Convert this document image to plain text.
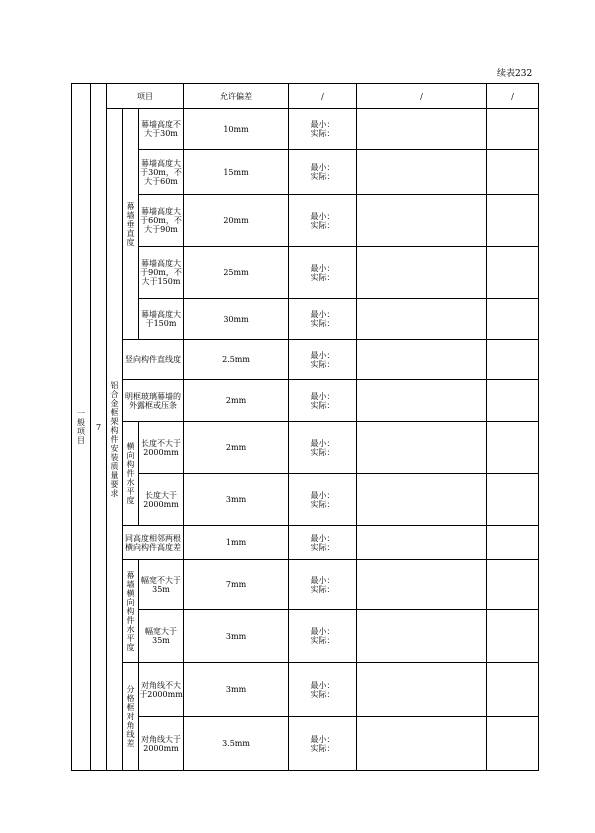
续表232
一般项目	7	项目			允许偏差	/	/	/
		铝合金框架构件安装质量要求	幕墙垂直度	幕墙高度不大于30m	10mm	最小：
实际：		
				幕墙高度大于30m，不大于60m	15mm	最小：
实际：		
				幕墙高度大于60m，不大于90m	20mm	最小：
实际：		
				幕墙高度大于90m，不大于150m	25mm	最小：
实际：		
				幕墙高度大于150m	30mm	最小：
实际：		
			竖向构件直线度		2.5mm	最小：
实际：		
			明框玻璃幕墙的外露框或压条		2mm	最小：
实际：		
			横向构件水平度	长度不大于2000mm	2mm	最小：
实际：		
				长度大于2000mm	3mm	最小：
实际：		
			同高度相邻两根横向构件高度差		1mm	最小：
实际：		
			幕墙横向构件水平度	幅宽不大于35m	7mm	最小：
实际：		
				幅宽大于35m	3mm	最小：
实际：		
			分格框对角线差	对角线不大于2000mm	3mm	最小：
实际：		
				对角线大于2000mm	3.5mm	最小：
实际：		
